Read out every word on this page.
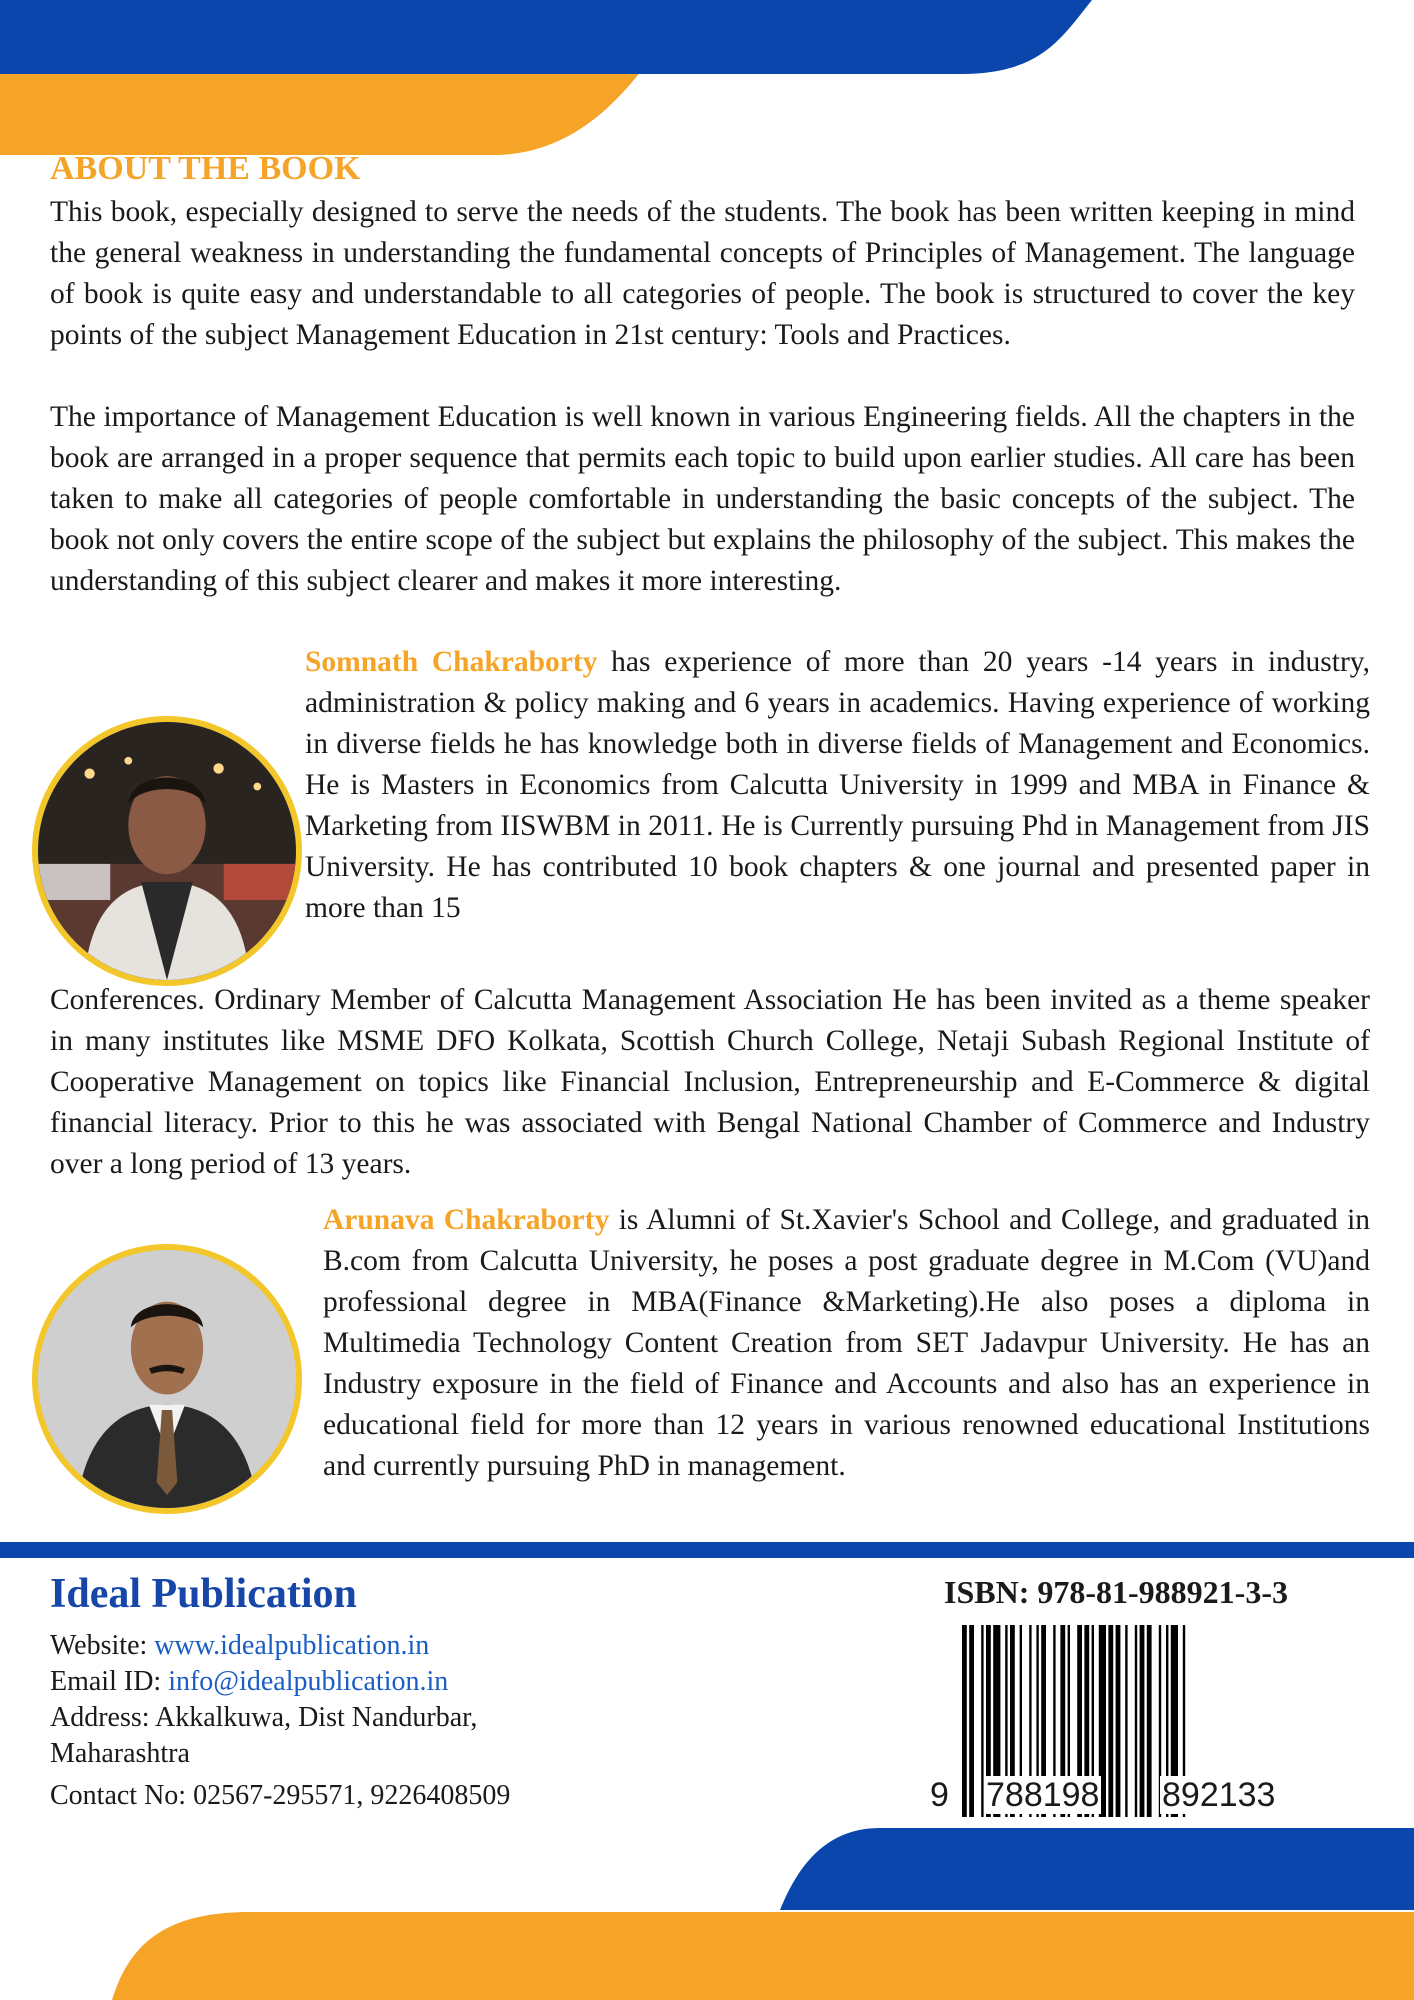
ABOUT THE BOOK

This book, especially designed to serve the needs of the students. The book has been written keeping in mind the general weakness in understanding the fundamental concepts of Principles of Management. The language of book is quite easy and understandable to all categories of people. The book is structured to cover the key points of the subject Management Education in 21st century: Tools and Practices.

The importance of Management Education is well known in various Engineering fields. All the chapters in the book are arranged in a proper sequence that permits each topic to build upon earlier studies. All care has been taken to make all categories of people comfortable in understanding the basic concepts of the subject. The book not only covers the entire scope of the subject but explains the philosophy of the subject. This makes the understanding of this subject clearer and makes it more interesting.

Somnath Chakraborty has experience of more than 20 years -14 years in industry, administration & policy making and 6 years in academics. Having experience of working in diverse fields he has knowledge both in diverse fields of Management and Economics. He is Masters in Economics from Calcutta University in 1999 and MBA in Finance & Marketing from IISWBM in 2011. He is Currently pursuing Phd in Management from JIS University. He has contributed 10 book chapters & one journal and presented paper in more than 15

Conferences. Ordinary Member of Calcutta Management Association He has been invited as a theme speaker in many institutes like MSME DFO Kolkata, Scottish Church College, Netaji Subash Regional Institute of Cooperative Management on topics like Financial Inclusion, Entrepreneurship and E-Commerce & digital financial literacy. Prior to this he was associated with Bengal National Chamber of Commerce and Industry over a long period of 13 years.

Arunava Chakraborty is Alumni of St.Xavier's School and College, and graduated in B.com from Calcutta University, he poses a post graduate degree in M.Com (VU)and professional degree in MBA(Finance &Marketing).He also poses a diploma in Multimedia Technology Content Creation from SET Jadavpur University. He has an Industry exposure in the field of Finance and Accounts and also has an experience in educational field for more than 12 years in various renowned educational Institutions and currently pursuing PhD in management.

Ideal Publication

Website: www.idealpublication.in

Email ID: info@idealpublication.in

Address: Akkalkuwa, Dist Nandurbar, Maharashtra

Contact No: 02567-295571, 9226408509

ISBN: 978-81-988921-3-3

9 788198 892133
